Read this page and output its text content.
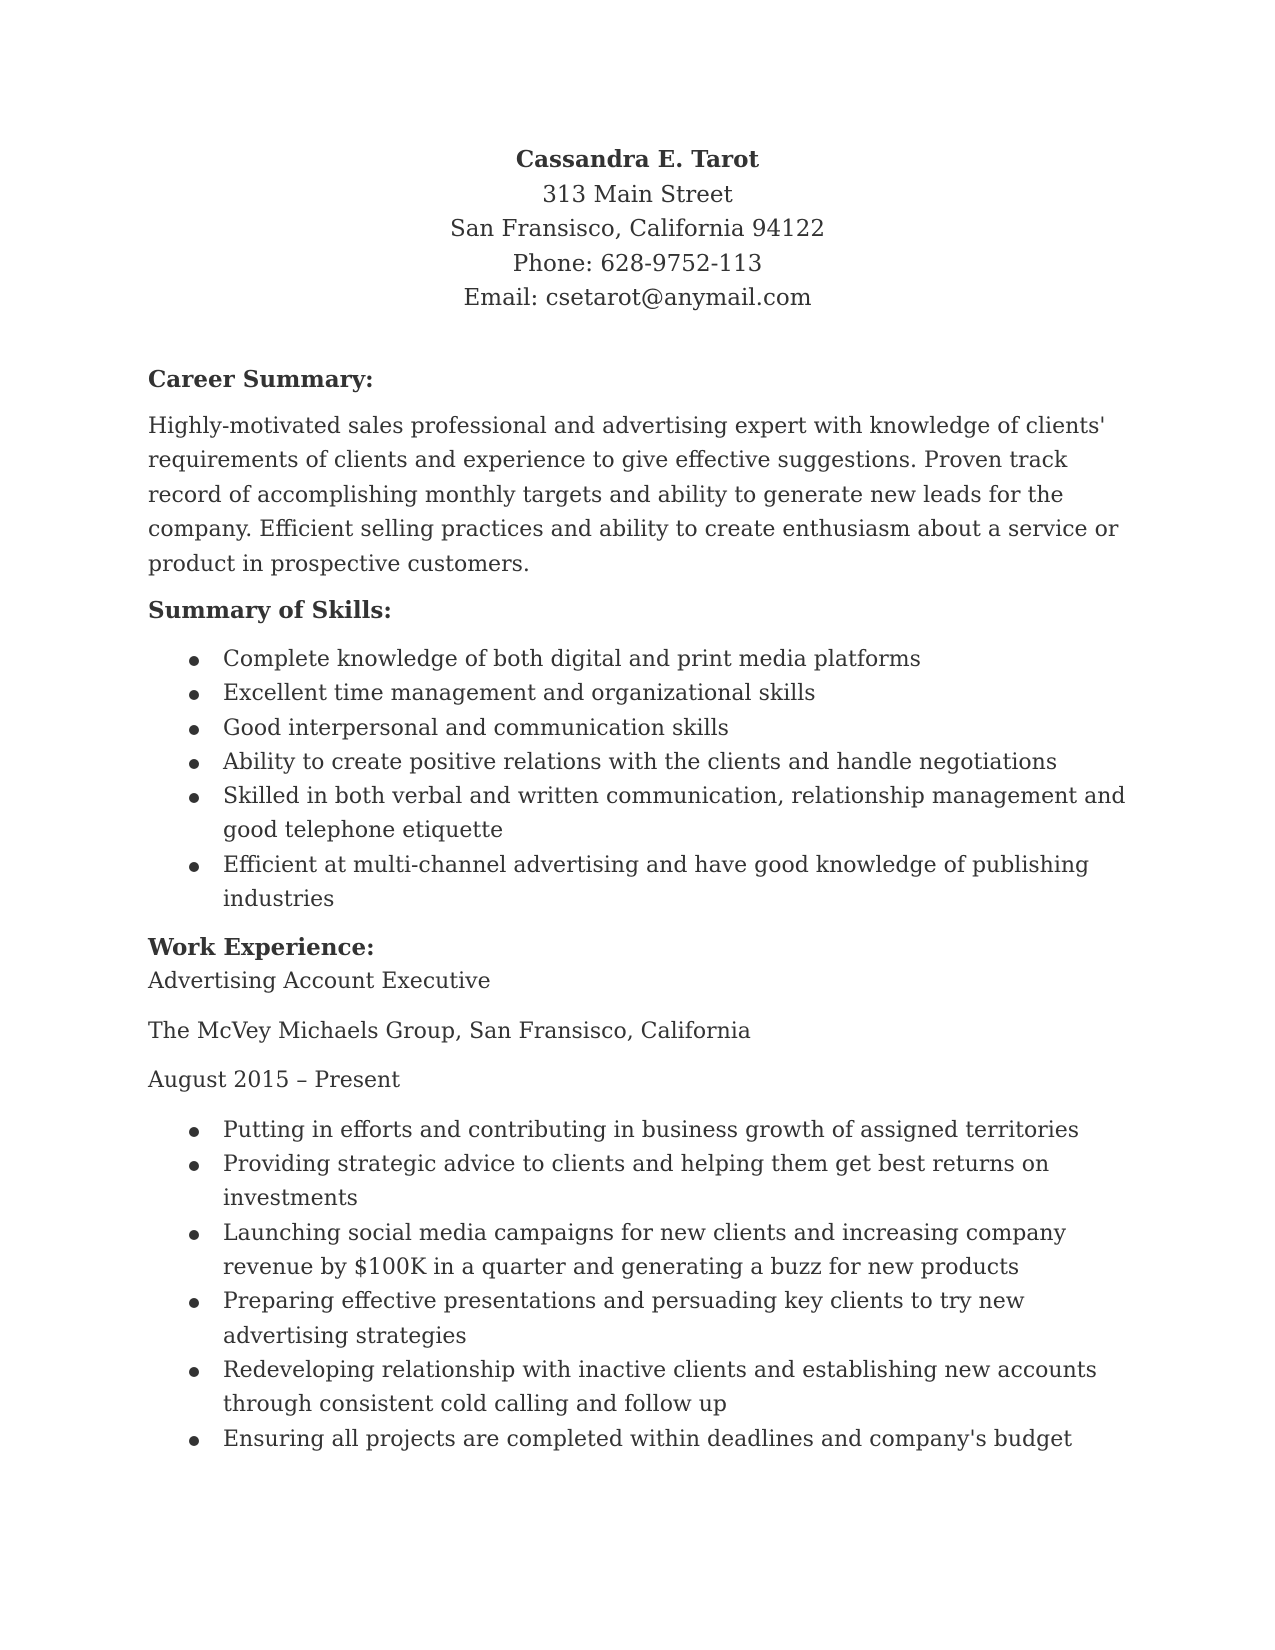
Cassandra E. Tarot
313 Main Street
San Fransisco, California 94122
Phone: 628-9752-113
Email: csetarot@anymail.com
Career Summary:

Highly-motivated sales professional and advertising expert with knowledge of clients' requirements of clients and experience to give effective suggestions. Proven track record of accomplishing monthly targets and ability to generate new leads for the company. Efficient selling practices and ability to create enthusiasm about a service or product in prospective customers.

Summary of Skills:
Complete knowledge of both digital and print media platforms
Excellent time management and organizational skills
Good interpersonal and communication skills
Ability to create positive relations with the clients and handle negotiations
Skilled in both verbal and written communication, relationship management and good telephone etiquette
Efficient at multi-channel advertising and have good knowledge of publishing industries
Work Experience:

Advertising Account Executive

The McVey Michaels Group, San Fransisco, California

August 2015 – Present

Putting in efforts and contributing in business growth of assigned territories
Providing strategic advice to clients and helping them get best returns on investments
Launching social media campaigns for new clients and increasing company revenue by $100K in a quarter and generating a buzz for new products
Preparing effective presentations and persuading key clients to try new advertising strategies
Redeveloping relationship with inactive clients and establishing new accounts through consistent cold calling and follow up
Ensuring all projects are completed within deadlines and company's budget
